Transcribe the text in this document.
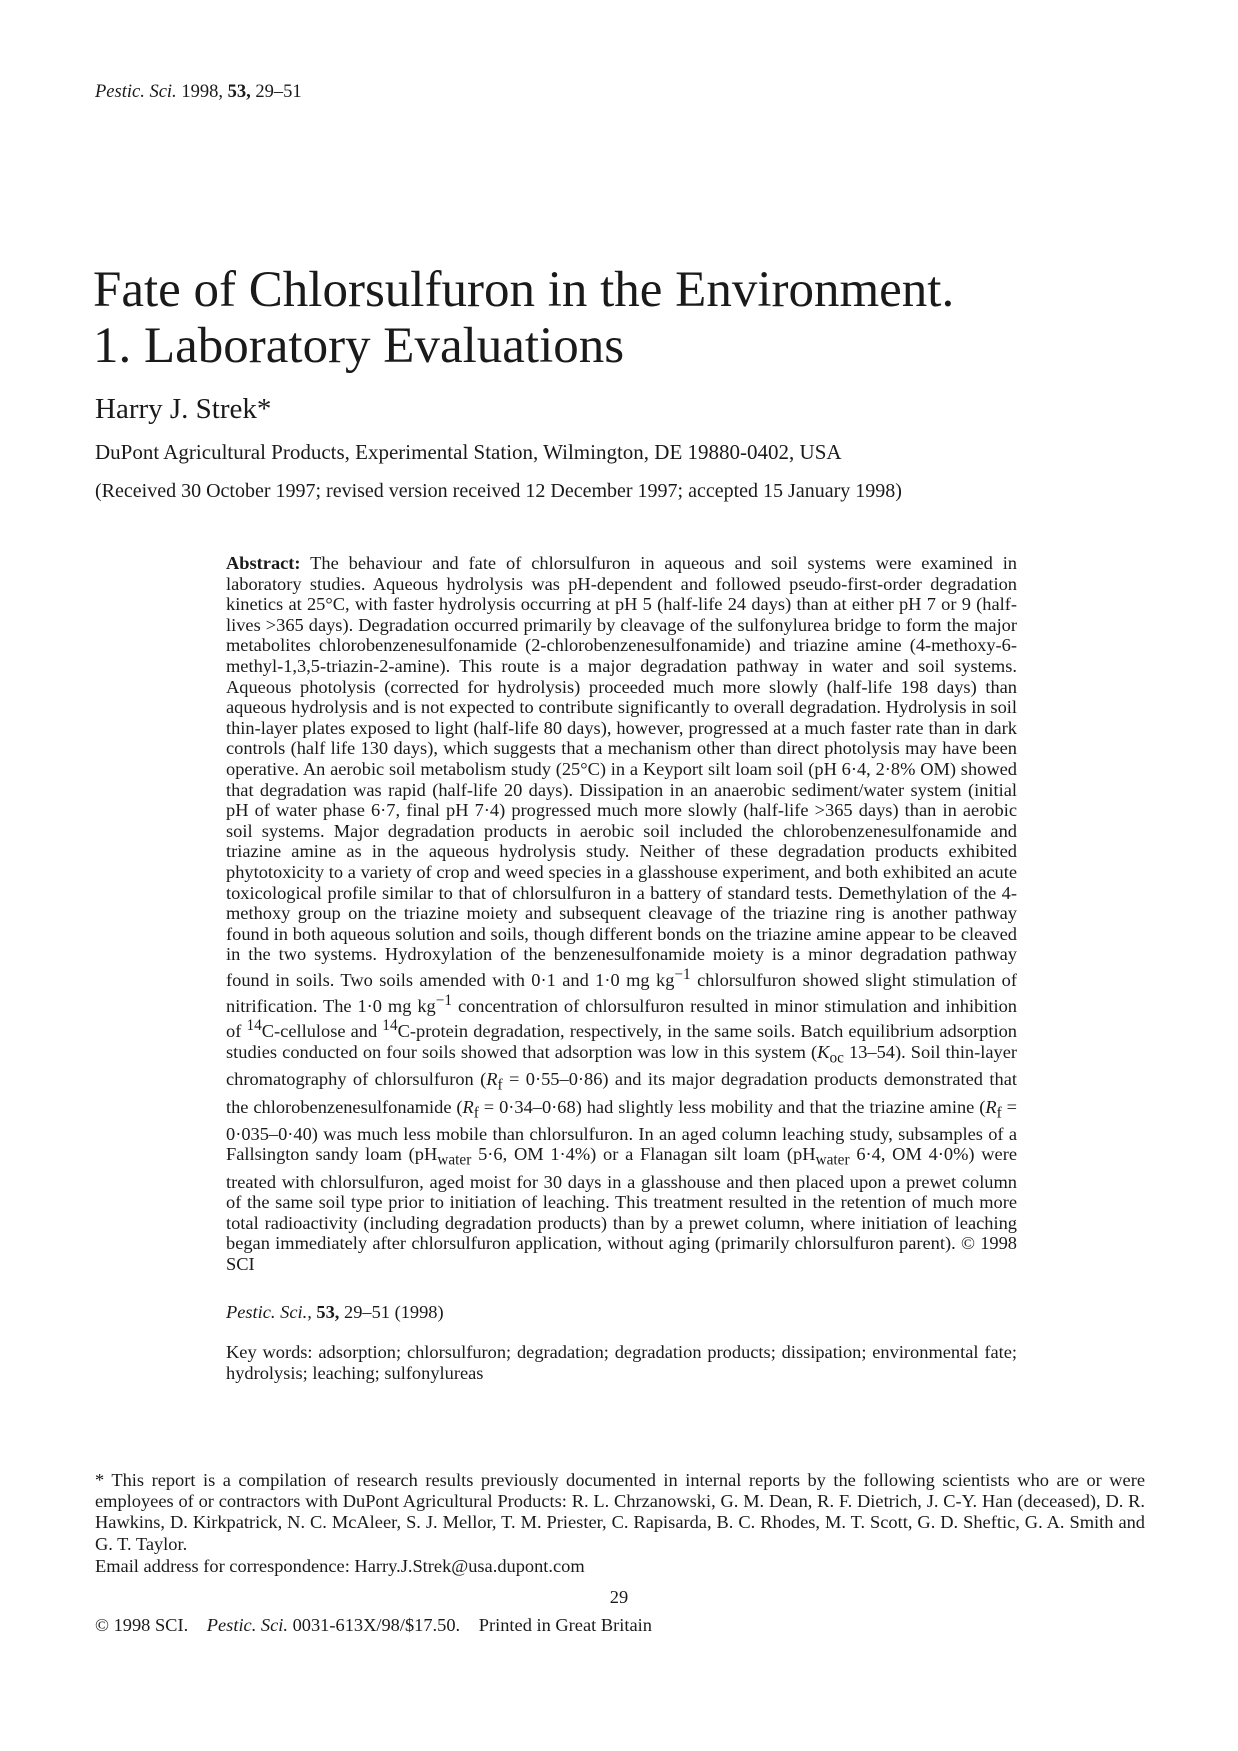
Pestic. Sci. 1998, 53, 29–51
Fate of Chlorsulfuron in the Environment.
1. Laboratory Evaluations
Harry J. Strek*
DuPont Agricultural Products, Experimental Station, Wilmington, DE 19880-0402, USA
(Received 30 October 1997; revised version received 12 December 1997; accepted 15 January 1998)
Abstract: The behaviour and fate of chlorsulfuron in aqueous and soil systems were examined in laboratory studies. Aqueous hydrolysis was pH-dependent and followed pseudo-first-order degradation kinetics at 25°C, with faster hydrolysis occurring at pH 5 (half-life 24 days) than at either pH 7 or 9 (half-lives >365 days). Degradation occurred primarily by cleavage of the sulfonylurea bridge to form the major metabolites chlorobenzenesulfonamide (2-chlorobenzenesulfonamide) and triazine amine (4-methoxy-6-methyl-1,3,5-triazin-2-amine). This route is a major degradation pathway in water and soil systems. Aqueous photolysis (corrected for hydrolysis) proceeded much more slowly (half-life 198 days) than aqueous hydrolysis and is not expected to contribute significantly to overall degradation. Hydrolysis in soil thin-layer plates exposed to light (half-life 80 days), however, progressed at a much faster rate than in dark controls (half life 130 days), which suggests that a mechanism other than direct photolysis may have been operative. An aerobic soil metabolism study (25°C) in a Keyport silt loam soil (pH 6·4, 2·8% OM) showed that degradation was rapid (half-life 20 days). Dissipation in an anaerobic sediment/water system (initial pH of water phase 6·7, final pH 7·4) progressed much more slowly (half-life >365 days) than in aerobic soil systems. Major degradation products in aerobic soil included the chlorobenzenesulfonamide and triazine amine as in the aqueous hydrolysis study. Neither of these degradation products exhibited phytotoxicity to a variety of crop and weed species in a glasshouse experiment, and both exhibited an acute toxicological profile similar to that of chlorsulfuron in a battery of standard tests. Demethylation of the 4-methoxy group on the triazine moiety and subsequent cleavage of the triazine ring is another pathway found in both aqueous solution and soils, though different bonds on the triazine amine appear to be cleaved in the two systems. Hydroxylation of the benzenesulfonamide moiety is a minor degradation pathway found in soils. Two soils amended with 0·1 and 1·0 mg $kg^{-1}$ chlorsulfuron showed slight stimulation of nitrification. The 1·0 mg $kg^{-1}$ concentration of chlorsulfuron resulted in minor stimulation and inhibition of $^{14}$C-cellulose and $^{14}$C-protein degradation, respectively, in the same soils. Batch equilibrium adsorption studies conducted on four soils showed that adsorption was low in this system ($K_{oc}$ 13–54). Soil thin-layer chromatography of chlorsulfuron $(R_f = 0\cdot 55-0\cdot 86)$ and its major degradation products demonstrated that the chlorobenzenesulfonamide $(R_f = 0\cdot 34-0\cdot 68)$ had slightly less mobility and that the triazine amine $(R_f = 0\cdot 035-0\cdot 40)$ was much less mobile than chlorsulfuron. In an aged column leaching study, subsamples of a Fallsington sandy loam ($pH_{water}$ 5·6, OM 1·4%) or a Flanagan silt loam ($pH_{water}$ 6·4, OM 4·0%) were treated with chlorsulfuron, aged moist for 30 days in a glasshouse and then placed upon a prewet column of the same soil type prior to initiation of leaching. This treatment resulted in the retention of much more total radioactivity (including degradation products) than by a prewet column, where initiation of leaching began immediately after chlorsulfuron application, without aging (primarily chlorsulfuron parent). © 1998 SCI
Pestic. Sci., 53, 29–51 (1998)
Key words: adsorption; chlorsulfuron; degradation; degradation products; dissipation; environmental fate; hydrolysis; leaching; sulfonylureas
* This report is a compilation of research results previously documented in internal reports by the following scientists who are or were employees of or contractors with DuPont Agricultural Products: R. L. Chrzanowski, G. M. Dean, R. F. Dietrich, J. C-Y. Han (deceased), D. R. Hawkins, D. Kirkpatrick, N. C. McAleer, S. J. Mellor, T. M. Priester, C. Rapisarda, B. C. Rhodes, M. T. Scott, G. D. Sheftic, G. A. Smith and G. T. Taylor.
Email address for correspondence: Harry.J.Strek@usa.dupont.com
29
© 1998 SCI. Pestic. Sci. 0031-613X/98/$17.50. Printed in Great Britain
